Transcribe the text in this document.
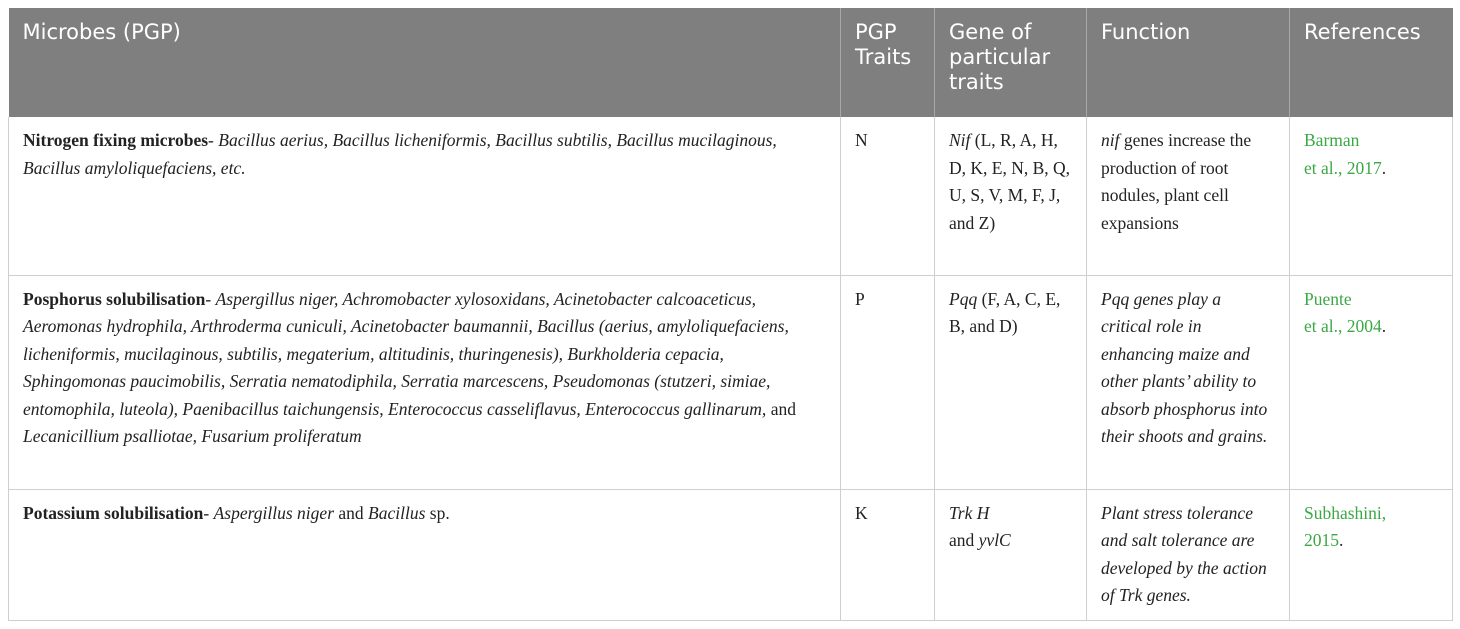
Microbes (PGP)	PGP Traits	Gene of particular traits	Function	References
Nitrogen fixing microbes- Bacillus aerius, Bacillus licheniformis, Bacillus subtilis, Bacillus mucilaginous, Bacillus amyloliquefaciens, etc.	N	Nif (L, R, A, H, D, K, E, N, B, Q, U, S, V, M, F, J, and Z)	nif genes increase the production of root nodules, plant cell expansions	Barman
et al., 2017.
Posphorus solubilisation- Aspergillus niger, Achromobacter xylosoxidans, Acinetobacter calcoaceticus, Aeromonas hydrophila, Arthroderma cuniculi, Acinetobacter baumannii, Bacillus (aerius, amyloliquefaciens, licheniformis, mucilaginous, subtilis, megaterium, altitudinis, thuringenesis), Burkholderia cepacia, Sphingomonas paucimobilis, Serratia nematodiphila, Serratia marcescens, Pseudomonas (stutzeri, simiae, entomophila, luteola), Paenibacillus taichungensis, Enterococcus casseliflavus, Enterococcus gallinarum, and Lecanicillium psalliotae, Fusarium proliferatum	P	Pqq (F, A, C, E, B, and D)	Pqq genes play a critical role in enhancing maize and other plants’ ability to absorb phosphorus into their shoots and grains.	Puente
et al., 2004.
Potassium solubilisation- Aspergillus niger and Bacillus sp.	K	Trk H
and yvlC	Plant stress tolerance and salt tolerance are developed by the action of Trk genes.	Subhashini,
2015.
